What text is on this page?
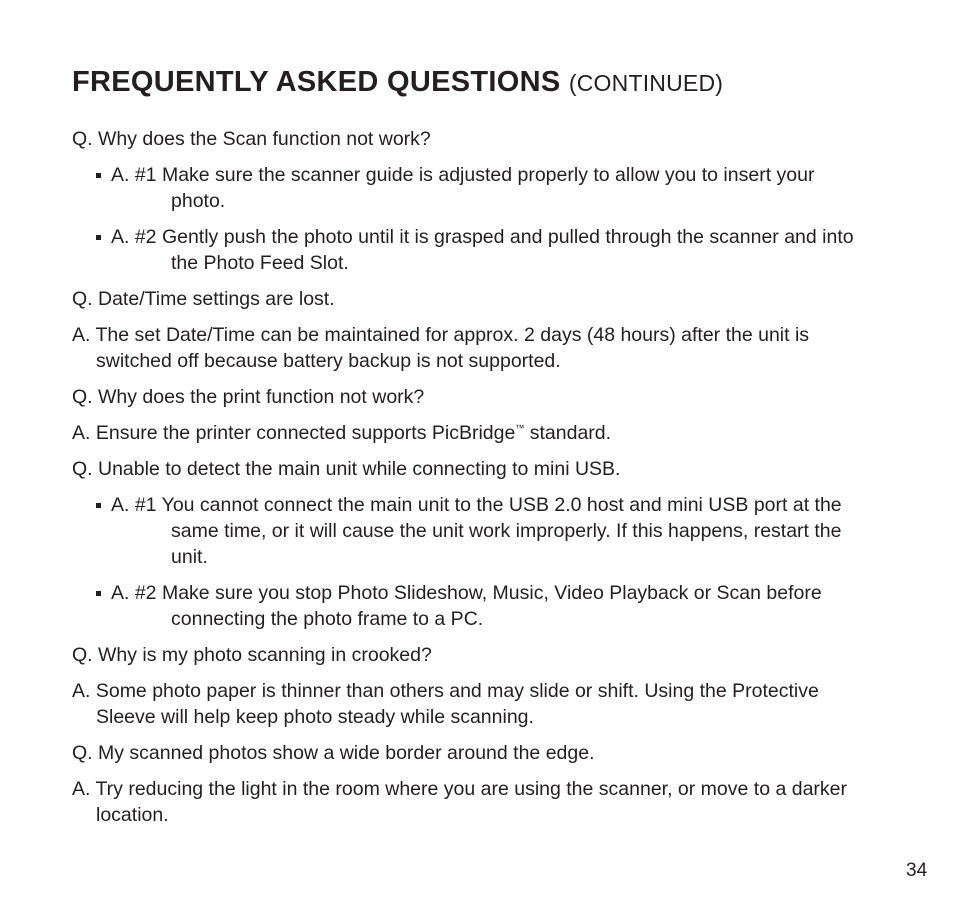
FREQUENTLY ASKED QUESTIONS (CONTINUED)

Q. Why does the Scan function not work?

A. #1 Make sure the scanner guide is adjusted properly to allow you to insert your photo.
A. #2 Gently push the photo until it is grasped and pulled through the scanner and into the Photo Feed Slot.

Q. Date/Time settings are lost.

A. The set Date/Time can be maintained for approx. 2 days (48 hours) after the unit is switched off because battery backup is not supported.

Q. Why does the print function not work?

A. Ensure the printer connected supports PicBridge™ standard.

Q. Unable to detect the main unit while connecting to mini USB.

A. #1 You cannot connect the main unit to the USB 2.0 host and mini USB port at the same time, or it will cause the unit work improperly. If this happens, restart the unit.
A. #2 Make sure you stop Photo Slideshow, Music, Video Playback or Scan before connecting the photo frame to a PC.

Q. Why is my photo scanning in crooked?

A. Some photo paper is thinner than others and may slide or shift. Using the Protective Sleeve will help keep photo steady while scanning.

Q. My scanned photos show a wide border around the edge.

A. Try reducing the light in the room where you are using the scanner, or move to a darker location.

34
